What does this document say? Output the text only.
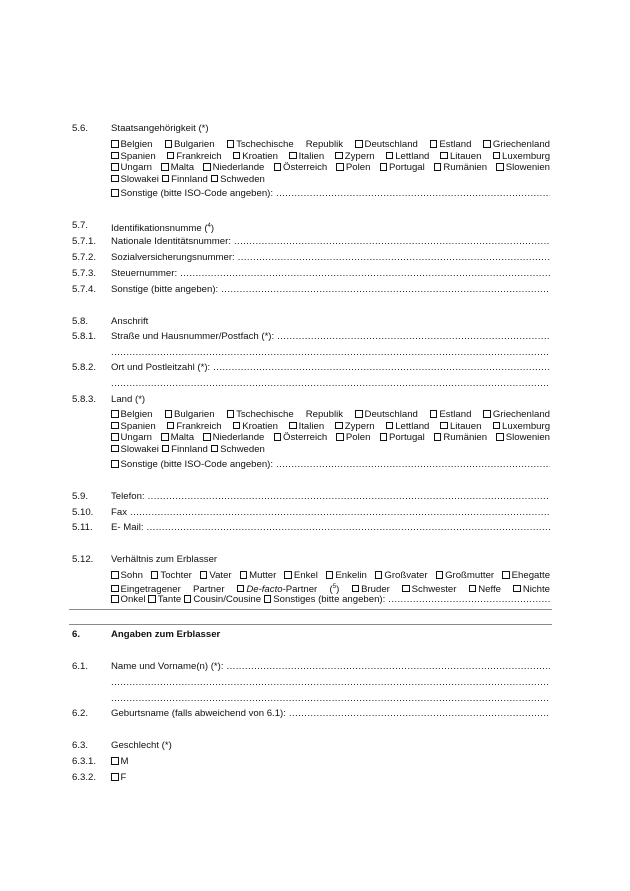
5.6. Staatsangehörigkeit (*)
Belgien Bulgarien Tschechische Republik Deutschland Estland Griechenland
Spanien Frankreich Kroatien Italien Zypern Lettland Litauen Luxemburg
Ungarn Malta Niederlande Österreich Polen Portugal Rumänien Slowenien
Slowakei Finnland Schweden
Sonstige (bitte ISO-Code angeben):
.....
5.7. Identifikationsnumme ($^4$)
5.7.1. Nationale Identitätsnummer:
.....
5.7.2. Sozialversicherungsnummer:
.....
5.7.3. Steuernummer:
.....
5.7.4. Sonstige (bitte angeben):
.....
5.8. Anschrift
5.8.1. Straße und Hausnummer/Postfach (*):
.....
.....
5.8.2. Ort und Postleitzahl (*):
.....
.....
5.8.3. Land (*)
Belgien Bulgarien Tschechische Republik Deutschland Estland Griechenland
Spanien Frankreich Kroatien Italien Zypern Lettland Litauen Luxemburg
Ungarn Malta Niederlande Österreich Polen Portugal Rumänien Slowenien
Slowakei Finnland Schweden
Sonstige (bitte ISO-Code angeben):
.....
5.9. Telefon:
.....
5.10. Fax
.....
5.11. E- Mail:
.....
5.12. Verhältnis zum Erblasser
Sohn Tochter Vater Mutter Enkel Enkelin Großvater Großmutter Ehegatte
Eingetragener Partner De-facto-Partner ($^5$) Bruder Schwester Neffe Nichte
Onkel Tante Cousin/Cousine Sonstiges (bitte angeben):
.....
6.	Angaben zum Erblasser
6.1. Name und Vorname(n) (*):
.....
.....
.....
6.2. Geburtsname (falls abweichend von 6.1):
.....
6.3. Geschlecht (*)
6.3.1.	M
6.3.2.	F
